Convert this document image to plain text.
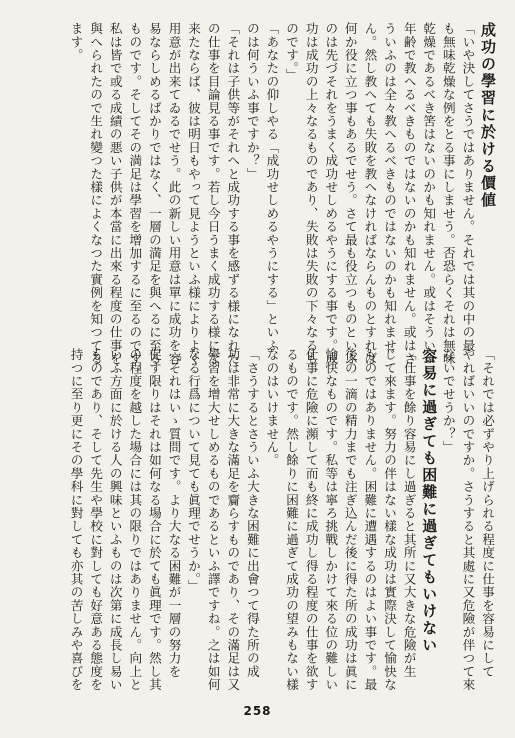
成功の學習に於ける價値
「いや決してさうではありません。それでは其の中の最
も無味乾燥な例をとる事にしませう。否恐らくそれは無味
乾燥であるべき筈はないのかも知れません。或はそういふ
年齢で教へるべきものではないのかも知れません。或はさ
ういふのは全々教へるべきものではないのかも知れませ
ん。然し教へても失敗を教へなければならんものとすれば
何か役に立つ事もあるでせう。さて最も役立つものといふ
のは先づそれをうまく成功せしめるやうにする事です。成
功は成功の上々なるものであり、失敗は失敗の下々なるも
のです。」
「あなたの仰しやる「成功せしめるやうにする」といふ
のは何ういふ事ですか？」
「それは子供等がそれへと成功する事を感ずる様になれた
の仕事を目論見る事です。若し今日うまく成功する様にな
来たならば、彼は明日もやって見ようといふ様によりよく
用意が出来てゐるでせう。此の新しい用意は單に成功を容
易ならしめるばかりではなく、一層の満足を與へるに至る
ものです。そしてその満足は學習を增加するに至るのです。
私は皆で或る成績の悪い子供が本當に出來る程度の仕事を
與へられたので生れ變つた樣によくなつた實例を知つてる
ます。
「それでは必ずやり上げられる程度に仕事を容易にして
やればいいのですか。さうすると其處に又危險が伴つて來
ないでせうか？」
容易に過ぎても困難に過ぎてもいけない
「仕事を餘り容易にし過ぎると其所に又大きな危險が生
じて來ます。努力の伴はない樣な成功は實際決して愉快な
ものではありません。困難に遭遇するのはよい事です。最
後の一滴の精力までも注ぎ込んだ後に得た所の成功は眞に
愉快なものです。私等は寧ろ挑戰しかけて來る位の難しい
仕事に危險に瀕して而も終に成功し得る程度の仕事を欲す
るものです。然し餘りに困難に過ぎて成功の望みもない樣
なのはいけません。
「さうするとさういふ大きな困難に出會つて得た所の成
功は非常に大きな滿足を齎らすものであり、その滿足は又
學習を增大せしめるものであるといふ譯ですね。之は如何
なる行爲について見ても眞理でせうか。」
「それはいゝ質問です。より大なる困難が一層の努力を
促す限りはそれは如何なる場合に於ても眞理です。然し其
の程度を越した場合には其の限りではありません。向上と
いふ方面に於ける人の興味といふものは次第に成長し易い
ものであり、そして先生や學校に對しても好意ある態度を
持つに至り更にその學科に對しても亦其の苦しみや喜びを
258
